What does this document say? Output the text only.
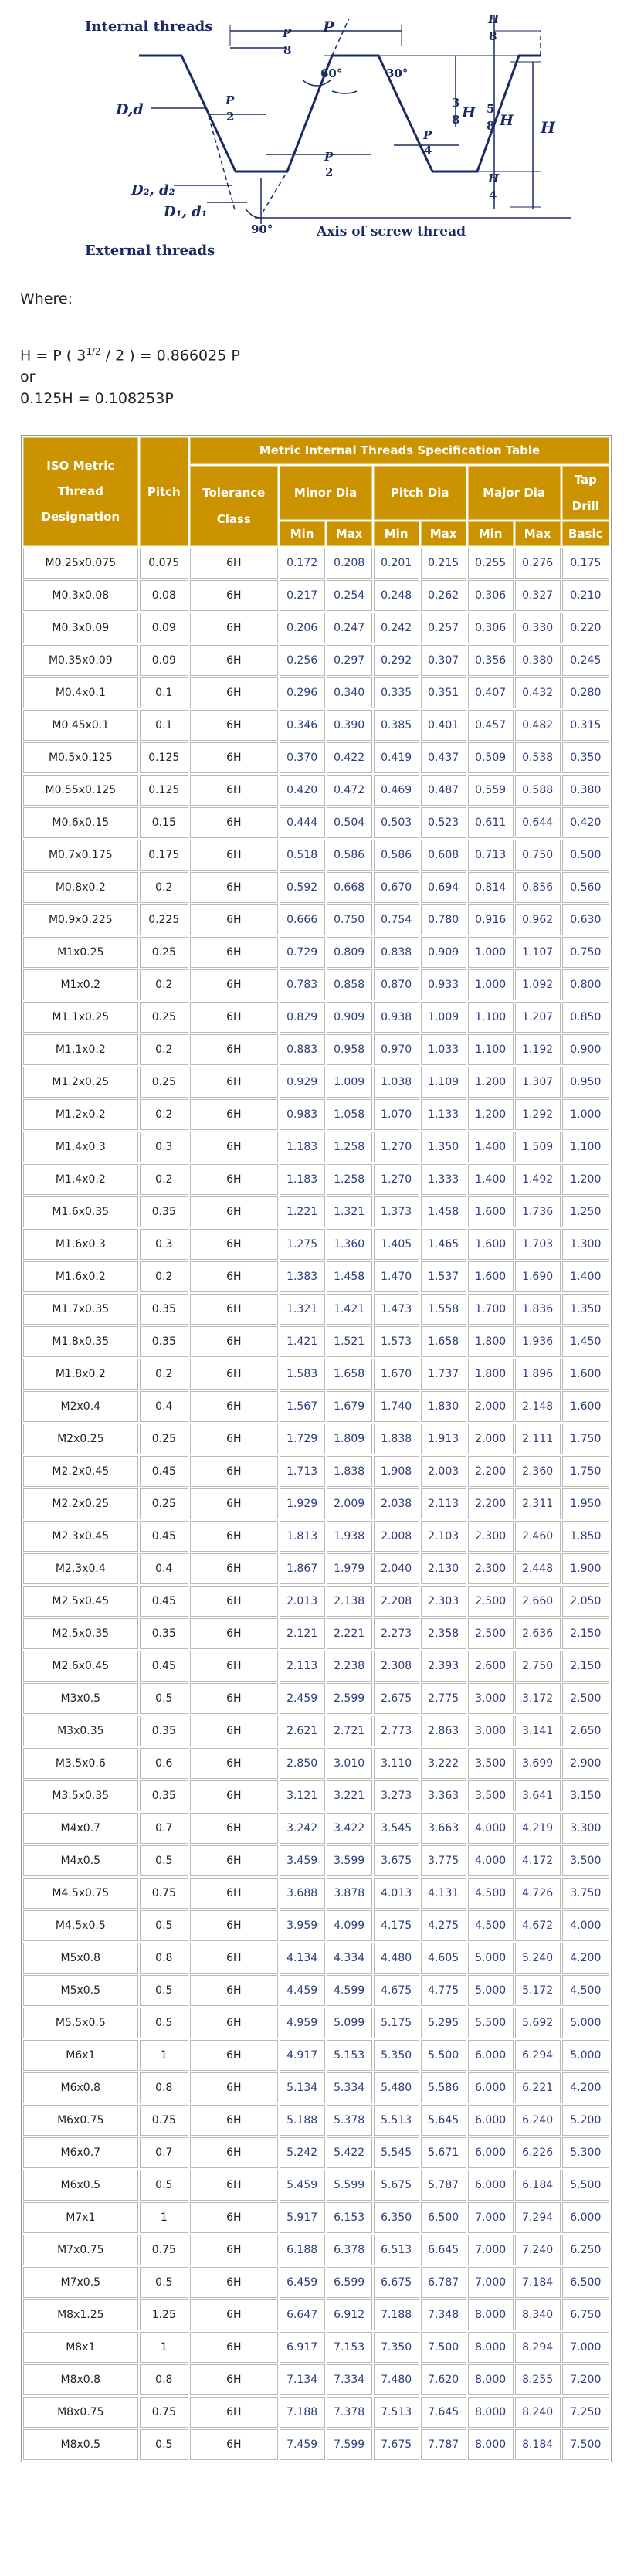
Internal threads
External threads
Axis of screw thread
D,d
D₂, d₂
D₁, d₁
P
P
8
P
2
P
2
P
4
H
8
3
8 H 5
8 H H
H
4
60°	30°
90°
Where:
H = P ( $3^{1/2} / 2$ ) = 0.866025 P
or
0.125H = 0.108253P
ISO Metric Thread Designation	Pitch	Metric Internal Threads Specification Table							
		Tolerance Class	Minor Dia		Pitch Dia		Major Dia		Tap Drill
			Min	Max	Min	Max	Min	Max	Basic
M0.25x0.075	0.075	6H	0.172	0.208	0.201	0.215	0.255	0.276	0.175
M0.3x0.08	0.08	6H	0.217	0.254	0.248	0.262	0.306	0.327	0.210
M0.3x0.09	0.09	6H	0.206	0.247	0.242	0.257	0.306	0.330	0.220
M0.35x0.09	0.09	6H	0.256	0.297	0.292	0.307	0.356	0.380	0.245
M0.4x0.1	0.1	6H	0.296	0.340	0.335	0.351	0.407	0.432	0.280
M0.45x0.1	0.1	6H	0.346	0.390	0.385	0.401	0.457	0.482	0.315
M0.5x0.125	0.125	6H	0.370	0.422	0.419	0.437	0.509	0.538	0.350
M0.55x0.125	0.125	6H	0.420	0.472	0.469	0.487	0.559	0.588	0.380
M0.6x0.15	0.15	6H	0.444	0.504	0.503	0.523	0.611	0.644	0.420
M0.7x0.175	0.175	6H	0.518	0.586	0.586	0.608	0.713	0.750	0.500
M0.8x0.2	0.2	6H	0.592	0.668	0.670	0.694	0.814	0.856	0.560
M0.9x0.225	0.225	6H	0.666	0.750	0.754	0.780	0.916	0.962	0.630
M1x0.25	0.25	6H	0.729	0.809	0.838	0.909	1.000	1.107	0.750
M1x0.2	0.2	6H	0.783	0.858	0.870	0.933	1.000	1.092	0.800
M1.1x0.25	0.25	6H	0.829	0.909	0.938	1.009	1.100	1.207	0.850
M1.1x0.2	0.2	6H	0.883	0.958	0.970	1.033	1.100	1.192	0.900
M1.2x0.25	0.25	6H	0.929	1.009	1.038	1.109	1.200	1.307	0.950
M1.2x0.2	0.2	6H	0.983	1.058	1.070	1.133	1.200	1.292	1.000
M1.4x0.3	0.3	6H	1.183	1.258	1.270	1.350	1.400	1.509	1.100
M1.4x0.2	0.2	6H	1.183	1.258	1.270	1.333	1.400	1.492	1.200
M1.6x0.35	0.35	6H	1.221	1.321	1.373	1.458	1.600	1.736	1.250
M1.6x0.3	0.3	6H	1.275	1.360	1.405	1.465	1.600	1.703	1.300
M1.6x0.2	0.2	6H	1.383	1.458	1.470	1.537	1.600	1.690	1.400
M1.7x0.35	0.35	6H	1.321	1.421	1.473	1.558	1.700	1.836	1.350
M1.8x0.35	0.35	6H	1.421	1.521	1.573	1.658	1.800	1.936	1.450
M1.8x0.2	0.2	6H	1.583	1.658	1.670	1.737	1.800	1.896	1.600
M2x0.4	0.4	6H	1.567	1.679	1.740	1.830	2.000	2.148	1.600
M2x0.25	0.25	6H	1.729	1.809	1.838	1.913	2.000	2.111	1.750
M2.2x0.45	0.45	6H	1.713	1.838	1.908	2.003	2.200	2.360	1.750
M2.2x0.25	0.25	6H	1.929	2.009	2.038	2.113	2.200	2.311	1.950
M2.3x0.45	0.45	6H	1.813	1.938	2.008	2.103	2.300	2.460	1.850
M2.3x0.4	0.4	6H	1.867	1.979	2.040	2.130	2.300	2.448	1.900
M2.5x0.45	0.45	6H	2.013	2.138	2.208	2.303	2.500	2.660	2.050
M2.5x0.35	0.35	6H	2.121	2.221	2.273	2.358	2.500	2.636	2.150
M2.6x0.45	0.45	6H	2.113	2.238	2.308	2.393	2.600	2.750	2.150
M3x0.5	0.5	6H	2.459	2.599	2.675	2.775	3.000	3.172	2.500
M3x0.35	0.35	6H	2.621	2.721	2.773	2.863	3.000	3.141	2.650
M3.5x0.6	0.6	6H	2.850	3.010	3.110	3.222	3.500	3.699	2.900
M3.5x0.35	0.35	6H	3.121	3.221	3.273	3.363	3.500	3.641	3.150
M4x0.7	0.7	6H	3.242	3.422	3.545	3.663	4.000	4.219	3.300
M4x0.5	0.5	6H	3.459	3.599	3.675	3.775	4.000	4.172	3.500
M4.5x0.75	0.75	6H	3.688	3.878	4.013	4.131	4.500	4.726	3.750
M4.5x0.5	0.5	6H	3.959	4.099	4.175	4.275	4.500	4.672	4.000
M5x0.8	0.8	6H	4.134	4.334	4.480	4.605	5.000	5.240	4.200
M5x0.5	0.5	6H	4.459	4.599	4.675	4.775	5.000	5.172	4.500
M5.5x0.5	0.5	6H	4.959	5.099	5.175	5.295	5.500	5.692	5.000
M6x1	1	6H	4.917	5.153	5.350	5.500	6.000	6.294	5.000
M6x0.8	0.8	6H	5.134	5.334	5.480	5.586	6.000	6.221	4.200
M6x0.75	0.75	6H	5.188	5.378	5.513	5.645	6.000	6.240	5.200
M6x0.7	0.7	6H	5.242	5.422	5.545	5.671	6.000	6.226	5.300
M6x0.5	0.5	6H	5.459	5.599	5.675	5.787	6.000	6.184	5.500
M7x1	1	6H	5.917	6.153	6.350	6.500	7.000	7.294	6.000
M7x0.75	0.75	6H	6.188	6.378	6.513	6.645	7.000	7.240	6.250
M7x0.5	0.5	6H	6.459	6.599	6.675	6.787	7.000	7.184	6.500
M8x1.25	1.25	6H	6.647	6.912	7.188	7.348	8.000	8.340	6.750
M8x1	1	6H	6.917	7.153	7.350	7.500	8.000	8.294	7.000
M8x0.8	0.8	6H	7.134	7.334	7.480	7.620	8.000	8.255	7.200
M8x0.75	0.75	6H	7.188	7.378	7.513	7.645	8.000	8.240	7.250
M8x0.5	0.5	6H	7.459	7.599	7.675	7.787	8.000	8.184	7.500
